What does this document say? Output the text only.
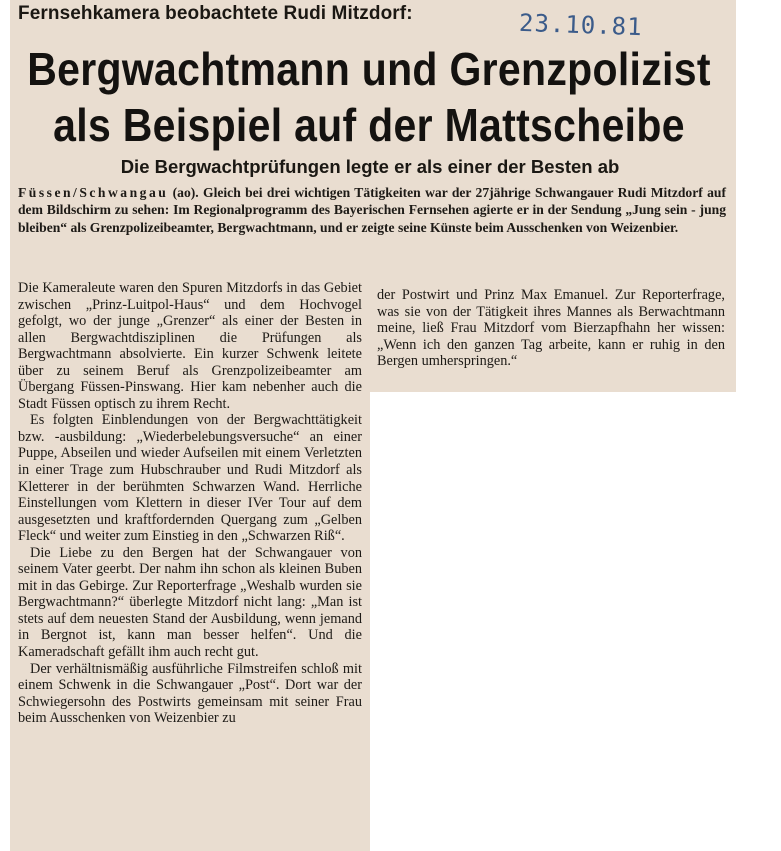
Fernsehkamera beobachtete Rudi Mitzdorf:	23.10.81
Bergwachtmann und Grenzpolizist
als Beispiel auf der Mattscheibe
Die Bergwachtprüfungen legte er als einer der Besten ab
Füssen/Schwangau (ao). Gleich bei drei wichtigen Tätigkeiten war der 27jährige Schwangauer Rudi Mitzdorf auf dem Bildschirm zu sehen: Im Regionalprogramm des Bayerischen Fernsehen agierte er in der Sendung „Jung sein - jung bleiben“ als Grenzpolizeibeamter, Bergwachtmann, und er zeigte seine Künste beim Ausschenken von Weizenbier.

Die Kameraleute waren den Spuren Mitzdorfs in das Gebiet zwischen „Prinz-Luitpol-Haus“ und dem Hochvogel gefolgt, wo der junge „Grenzer“ als einer der Besten in allen Bergwachtdisziplinen die Prüfungen als Bergwachtmann absolvierte. Ein kurzer Schwenk leitete über zu seinem Beruf als Grenzpolizeibeamter am Übergang Füssen-Pinswang. Hier kam nebenher auch die Stadt Füssen optisch zu ihrem Recht.

Es folgten Einblendungen von der Bergwachttätigkeit bzw. -ausbildung: „Wiederbelebungsversuche“ an einer Puppe, Abseilen und wieder Aufseilen mit einem Verletzten in einer Trage zum Hubschrauber und Rudi Mitzdorf als Kletterer in der berühmten Schwarzen Wand. Herrliche Einstellungen vom Klettern in dieser IVer Tour auf dem ausgesetzten und kraftfordernden Quergang zum „Gelben Fleck“ und weiter zum Einstieg in den „Schwarzen Riß“.

Die Liebe zu den Bergen hat der Schwangauer von seinem Vater geerbt. Der nahm ihn schon als kleinen Buben mit in das Gebirge. Zur Reporterfrage „Weshalb wurden sie Bergwachtmann?“ überlegte Mitzdorf nicht lang: „Man ist stets auf dem neuesten Stand der Ausbildung, wenn jemand in Bergnot ist, kann man besser helfen“. Und die Kameradschaft gefällt ihm auch recht gut.

Der verhältnismäßig ausführliche Filmstreifen schloß mit einem Schwenk in die Schwangauer „Post“. Dort war der Schwiegersohn des Postwirts gemeinsam mit seiner Frau beim Ausschenken von Weizenbier zu

der Postwirt und Prinz Max Emanuel. Zur Reporterfrage, was sie von der Tätigkeit ihres Mannes als Berwachtmann meine, ließ Frau Mitzdorf vom Bierzapfhahn her wissen: „Wenn ich den ganzen Tag arbeite, kann er ruhig in den Bergen umherspringen.“
